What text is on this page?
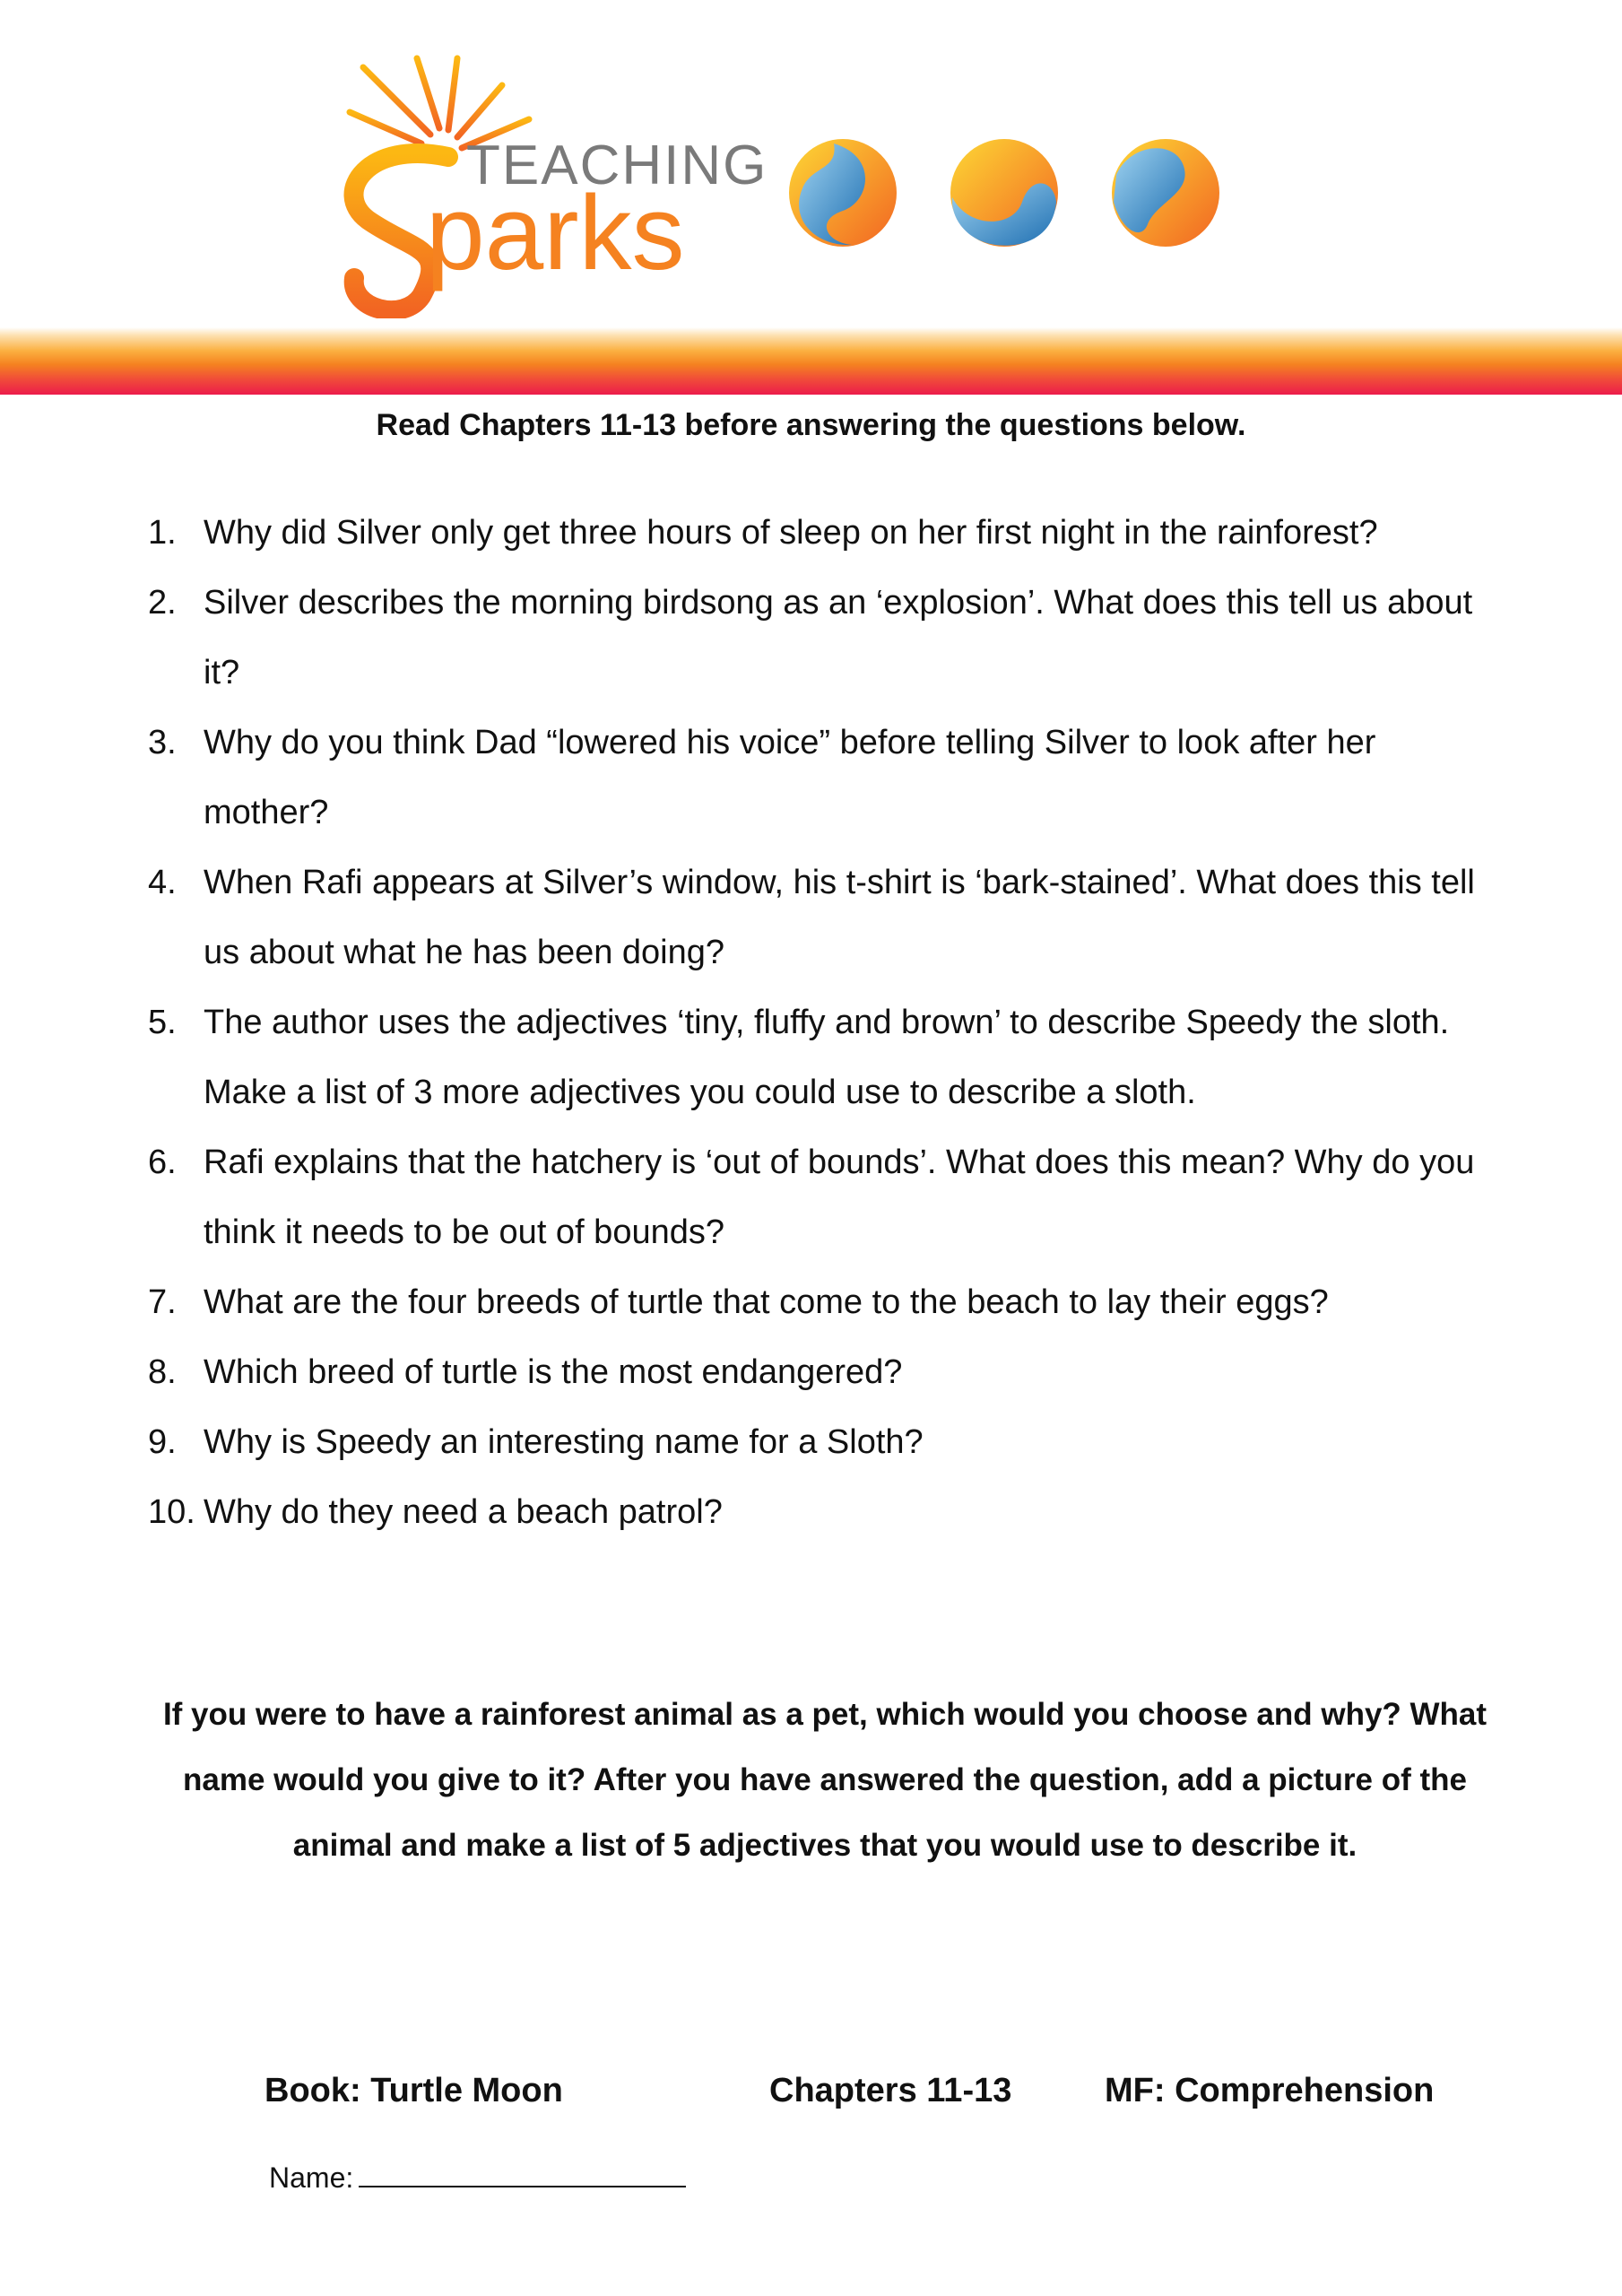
TEACHING
parks
Read Chapters 11-13 before answering the questions below.
1. Why did Silver only get three hours of sleep on her first night in the rainforest?
2. Silver describes the morning birdsong as an ‘explosion’. What does this tell us about it?
3. Why do you think Dad “lowered his voice” before telling Silver to look after her mother?
4. When Rafi appears at Silver’s window, his t-shirt is ‘bark-stained’. What does this tell us about what he has been doing?
5. The author uses the adjectives ‘tiny, fluffy and brown’ to describe Speedy the sloth. Make a list of 3 more adjectives you could use to describe a sloth.
6. Rafi explains that the hatchery is ‘out of bounds’. What does this mean? Why do you think it needs to be out of bounds?
7. What are the four breeds of turtle that come to the beach to lay their eggs?
8. Which breed of turtle is the most endangered?
9. Why is Speedy an interesting name for a Sloth?
10. Why do they need a beach patrol?
If you were to have a rainforest animal as a pet, which would you choose and why? What name would you give to it? After you have answered the question, add a picture of the animal and make a list of 5 adjectives that you would use to describe it.
Book: Turtle Moon	Chapters 11-13	MF: Comprehension
Name:
